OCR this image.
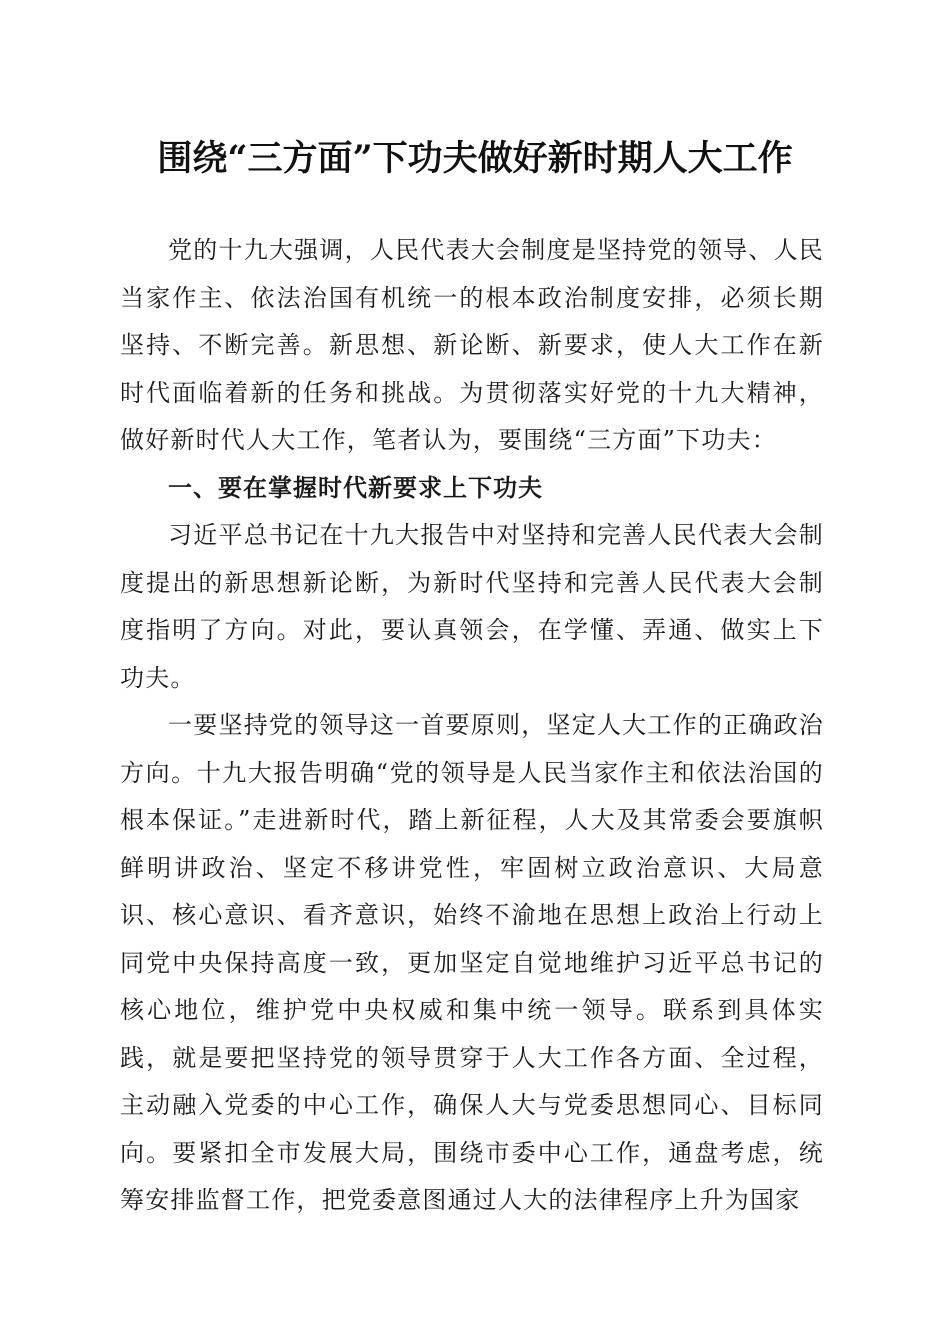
围绕“三方面”下功夫做好新时期人大工作

党的十九大强调，人民代表大会制度是坚持党的领导、人民当家作主、依法治国有机统一的根本政治制度安排，必须长期坚持、不断完善。新思想、新论断、新要求，使人大工作在新时代面临着新的任务和挑战。为贯彻落实好党的十九大精神，做好新时代人大工作，笔者认为，要围绕“三方面”下功夫：

一、要在掌握时代新要求上下功夫

习近平总书记在十九大报告中对坚持和完善人民代表大会制度提出的新思想新论断，为新时代坚持和完善人民代表大会制度指明了方向。对此，要认真领会，在学懂、弄通、做实上下功夫。

一要坚持党的领导这一首要原则，坚定人大工作的正确政治方向。十九大报告明确“党的领导是人民当家作主和依法治国的根本保证。”走进新时代，踏上新征程，人大及其常委会要旗帜鲜明讲政治、坚定不移讲党性，牢固树立政治意识、大局意识、核心意识、看齐意识，始终不渝地在思想上政治上行动上同党中央保持高度一致，更加坚定自觉地维护习近平总书记的核心地位，维护党中央权威和集中统一领导。联系到具体实践，就是要把坚持党的领导贯穿于人大工作各方面、全过程，主动融入党委的中心工作，确保人大与党委思想同心、目标同向。要紧扣全市发展大局，围绕市委中心工作，通盘考虑，统筹安排监督工作，把党委意图通过人大的法律程序上升为国家
